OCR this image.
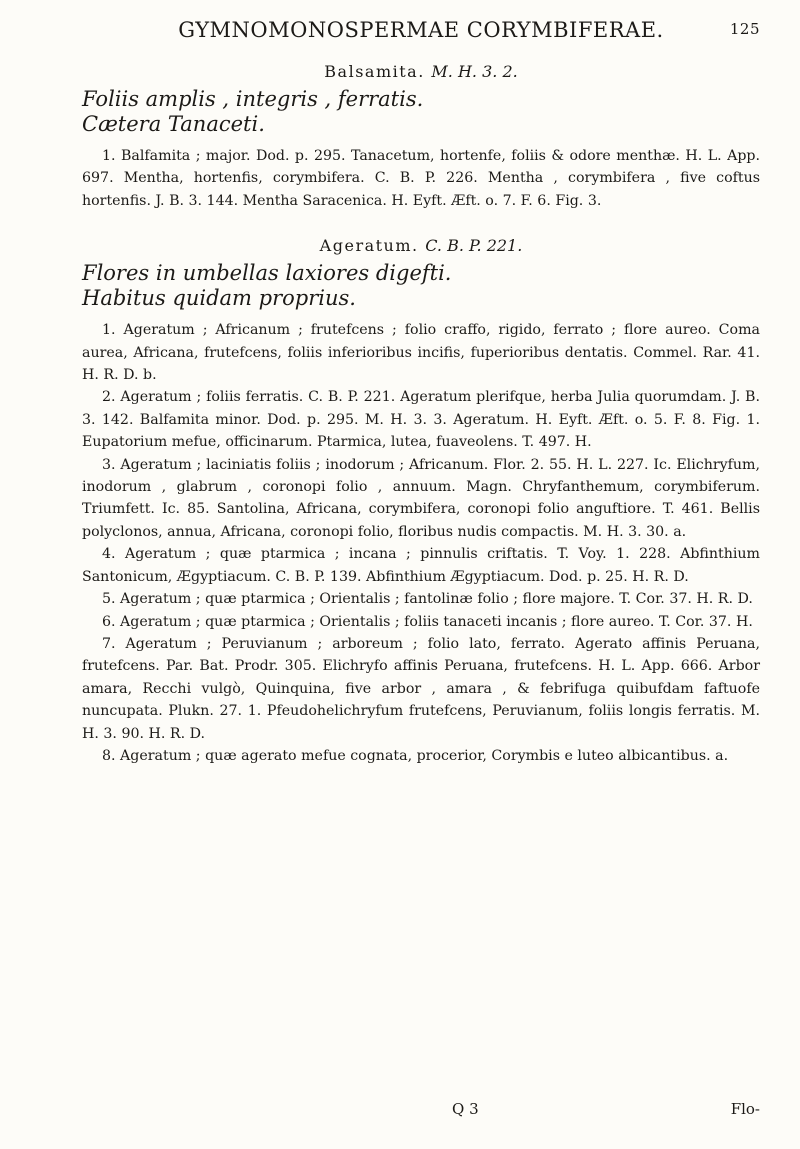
GYMNOMONOSPERMAE CORYMBIFERAE.	125
Balsamita. M. H. 3. 2.

Foliis amplis , integris , ferratis.

Cætera Tanaceti.

1. Balfamita ; major. Dod. p. 295. Tanacetum, hortenfe, foliis & odore menthæ. H. L. App. 697. Mentha, hortenfis, corymbifera. C. B. P. 226. Mentha , corymbifera , five coftus hortenfis. J. B. 3. 144. Mentha Saracenica. H. Eyft. Æft. o. 7. F. 6. Fig. 3.

Ageratum. C. B. P. 221.

Flores in umbellas laxiores digefti.

Habitus quidam proprius.

1. Ageratum ; Africanum ; frutefcens ; folio craffo, rigido, ferrato ; flore aureo. Coma aurea, Africana, frutefcens, foliis inferioribus incifis, fuperioribus dentatis. Commel. Rar. 41. H. R. D. b.

2. Ageratum ; foliis ferratis. C. B. P. 221. Ageratum plerifque, herba Julia quorumdam. J. B. 3. 142. Balfamita minor. Dod. p. 295. M. H. 3. 3. Ageratum. H. Eyft. Æft. o. 5. F. 8. Fig. 1. Eupatorium mefue, officinarum. Ptarmica, lutea, fuaveolens. T. 497. H.

3. Ageratum ; laciniatis foliis ; inodorum ; Africanum. Flor. 2. 55. H. L. 227. Ic. Elichryfum, inodorum , glabrum , coronopi folio , annuum. Magn. Chryfanthemum, corymbiferum. Triumfett. Ic. 85. Santolina, Africana, corymbifera, coronopi folio anguftiore. T. 461. Bellis polyclonos, annua, Africana, coronopi folio, floribus nudis compactis. M. H. 3. 30. a.

4. Ageratum ; quæ ptarmica ; incana ; pinnulis criftatis. T. Voy. 1. 228. Abfinthium Santonicum, Ægyptiacum. C. B. P. 139. Abfinthium Ægyptiacum. Dod. p. 25. H. R. D.

5. Ageratum ; quæ ptarmica ; Orientalis ; fantolinæ folio ; flore majore. T. Cor. 37. H. R. D.

6. Ageratum ; quæ ptarmica ; Orientalis ; foliis tanaceti incanis ; flore aureo. T. Cor. 37. H.

7. Ageratum ; Peruvianum ; arboreum ; folio lato, ferrato. Agerato affinis Peruana, frutefcens. Par. Bat. Prodr. 305. Elichryfo affinis Peruana, frutefcens. H. L. App. 666. Arbor amara, Recchi vulgò, Quinquina, five arbor , amara , & febrifuga quibufdam faftuofe nuncupata. Plukn. 27. 1. Pfeudohelichryfum frutefcens, Peruvianum, foliis longis ferratis. M. H. 3. 90. H. R. D.

8. Ageratum ; quæ agerato mefue cognata, procerior, Corymbis e luteo albicantibus. a.

Q 3	Flo-
